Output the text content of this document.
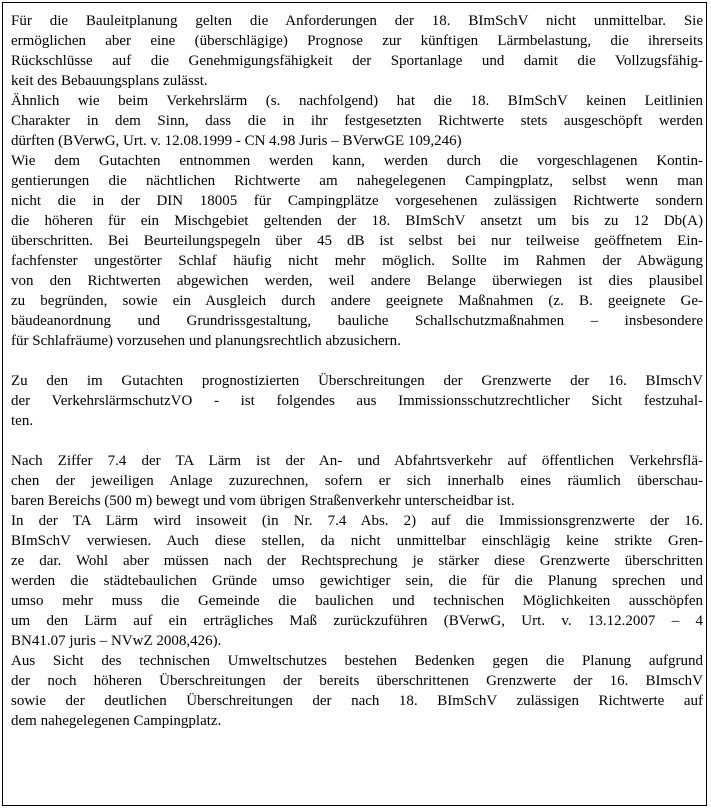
Für die Bauleitplanung gelten die Anforderungen der 18. BImSchV nicht unmittelbar. Sie
ermöglichen aber eine (überschlägige) Prognose zur künftigen Lärmbelastung, die ihrerseits
Rückschlüsse auf die Genehmigungsfähigkeit der Sportanlage und damit die Vollzugsfähig-
keit des Bebauungsplans zulässt.
Ähnlich wie beim Verkehrslärm (s. nachfolgend) hat die 18. BImSchV keinen Leitlinien
Charakter in dem Sinn, dass die in ihr festgesetzten Richtwerte stets ausgeschöpft werden
dürften (BVerwG, Urt. v. 12.08.1999 - CN 4.98 Juris – BVerwGE 109,246)
Wie dem Gutachten entnommen werden kann, werden durch die vorgeschlagenen Kontin-
gentierungen die nächtlichen Richtwerte am nahegelegenen Campingplatz, selbst wenn man
nicht die in der DIN 18005 für Campingplätze vorgesehenen zulässigen Richtwerte sondern
die höheren für ein Mischgebiet geltenden der 18. BImSchV ansetzt um bis zu 12 Db(A)
überschritten. Bei Beurteilungspegeln über 45 dB ist selbst bei nur teilweise geöffnetem Ein-
fachfenster ungestörter Schlaf häufig nicht mehr möglich. Sollte im Rahmen der Abwägung
von den Richtwerten abgewichen werden, weil andere Belange überwiegen ist dies plausibel
zu begründen, sowie ein Ausgleich durch andere geeignete Maßnahmen (z. B. geeignete Ge-
bäudeanordnung und Grundrissgestaltung, bauliche Schallschutzmaßnahmen – insbesondere
für Schlafräume) vorzusehen und planungsrechtlich abzusichern.
Zu den im Gutachten prognostizierten Überschreitungen der Grenzwerte der 16. BImschV
der VerkehrslärmschutzVO - ist folgendes aus Immissionsschutzrechtlicher Sicht festzuhal-
ten.
Nach Ziffer 7.4 der TA Lärm ist der An- und Abfahrtsverkehr auf öffentlichen Verkehrsflä-
chen der jeweiligen Anlage zuzurechnen, sofern er sich innerhalb eines räumlich überschau-
baren Bereichs (500 m) bewegt und vom übrigen Straßenverkehr unterscheidbar ist.
In der TA Lärm wird insoweit (in Nr. 7.4 Abs. 2) auf die Immissionsgrenzwerte der 16.
BImSchV verwiesen. Auch diese stellen, da nicht unmittelbar einschlägig keine strikte Gren-
ze dar. Wohl aber müssen nach der Rechtsprechung je stärker diese Grenzwerte überschritten
werden die städtebaulichen Gründe umso gewichtiger sein, die für die Planung sprechen und
umso mehr muss die Gemeinde die baulichen und technischen Möglichkeiten ausschöpfen
um den Lärm auf ein erträgliches Maß zurückzuführen (BVerwG, Urt. v. 13.12.2007 – 4
BN41.07 juris – NVwZ 2008,426).
Aus Sicht des technischen Umweltschutzes bestehen Bedenken gegen die Planung aufgrund
der noch höheren Überschreitungen der bereits überschrittenen Grenzwerte der 16. BImschV
sowie der deutlichen Überschreitungen der nach 18. BImSchV zulässigen Richtwerte auf
dem nahegelegenen Campingplatz.
